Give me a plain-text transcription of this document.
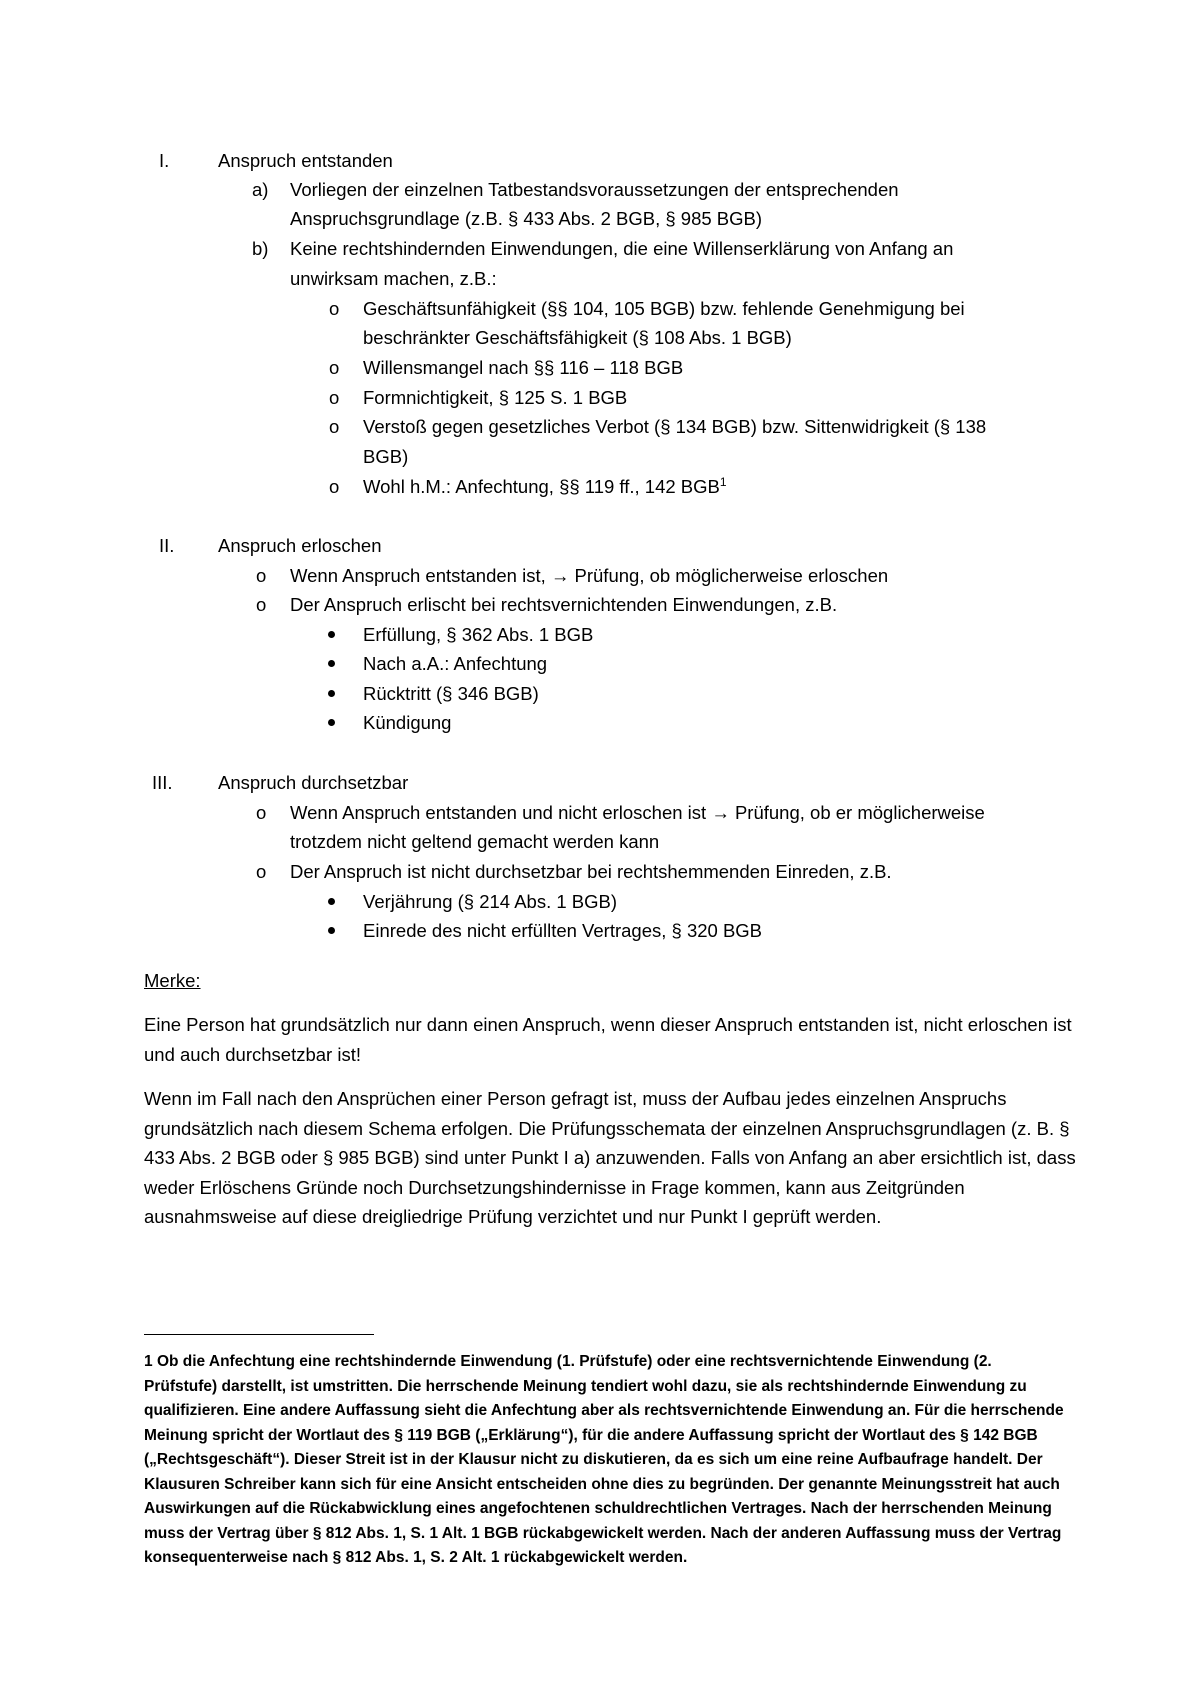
I.	Anspruch entstanden
a) Vorliegen der einzelnen Tatbestandsvoraussetzungen der entsprechenden
Anspruchsgrundlage (z.B. § 433 Abs. 2 BGB, § 985 BGB)
b) Keine rechtshindernden Einwendungen, die eine Willenserklärung von Anfang an
unwirksam machen, z.B.:
o Geschäftsunfähigkeit (§§ 104, 105 BGB) bzw. fehlende Genehmigung bei
beschränkter Geschäftsfähigkeit (§ 108 Abs. 1 BGB)
o Willensmangel nach §§ 116 – 118 BGB
o Formnichtigkeit, § 125 S. 1 BGB
o Verstoß gegen gesetzliches Verbot (§ 134 BGB) bzw. Sittenwidrigkeit (§ 138
BGB)
o Wohl h.M.: Anfechtung, §§ 119 ff., 142 BGB$^1$
II. Anspruch erloschen
o Wenn Anspruch entstanden ist, → Prüfung, ob möglicherweise erloschen
o Der Anspruch erlischt bei rechtsvernichtenden Einwendungen, z.B.
Erfüllung, § 362 Abs. 1 BGB
Nach a.A.: Anfechtung
Rücktritt (§ 346 BGB)
Kündigung
III. Anspruch durchsetzbar
o Wenn Anspruch entstanden und nicht erloschen ist → Prüfung, ob er möglicherweise
trotzdem nicht geltend gemacht werden kann
o Der Anspruch ist nicht durchsetzbar bei rechtshemmenden Einreden, z.B.
Verjährung (§ 214 Abs. 1 BGB)
Einrede des nicht erfüllten Vertrages, § 320 BGB
Merke:
Eine Person hat grundsätzlich nur dann einen Anspruch, wenn dieser Anspruch entstanden ist, nicht erloschen ist und auch durchsetzbar ist!
Wenn im Fall nach den Ansprüchen einer Person gefragt ist, muss der Aufbau jedes einzelnen Anspruchs grundsätzlich nach diesem Schema erfolgen. Die Prüfungsschemata der einzelnen Anspruchsgrundlagen (z. B. § 433 Abs. 2 BGB oder § 985 BGB) sind unter Punkt I a) anzuwenden. Falls von Anfang an aber ersichtlich ist, dass weder Erlöschens Gründe noch Durchsetzungshindernisse in Frage kommen, kann aus Zeitgründen ausnahmsweise auf diese dreigliedrige Prüfung verzichtet und nur Punkt I geprüft werden.
1 Ob die Anfechtung eine rechtshindernde Einwendung (1. Prüfstufe) oder eine rechtsvernichtende Einwendung (2. Prüfstufe) darstellt, ist umstritten. Die herrschende Meinung tendiert wohl dazu, sie als rechtshindernde Einwendung zu qualifizieren. Eine andere Auffassung sieht die Anfechtung aber als rechtsvernichtende Einwendung an. Für die herrschende Meinung spricht der Wortlaut des § 119 BGB („Erklärung“), für die andere Auffassung spricht der Wortlaut des § 142 BGB („Rechtsgeschäft“). Dieser Streit ist in der Klausur nicht zu diskutieren, da es sich um eine reine Aufbaufrage handelt. Der Klausuren Schreiber kann sich für eine Ansicht entscheiden ohne dies zu begründen. Der genannte Meinungsstreit hat auch Auswirkungen auf die Rückabwicklung eines angefochtenen schuldrechtlichen Vertrages. Nach der herrschenden Meinung muss der Vertrag über § 812 Abs. 1, S. 1 Alt. 1 BGB rückabgewickelt werden. Nach der anderen Auffassung muss der Vertrag konsequenterweise nach § 812 Abs. 1, S. 2 Alt. 1 rückabgewickelt werden.
